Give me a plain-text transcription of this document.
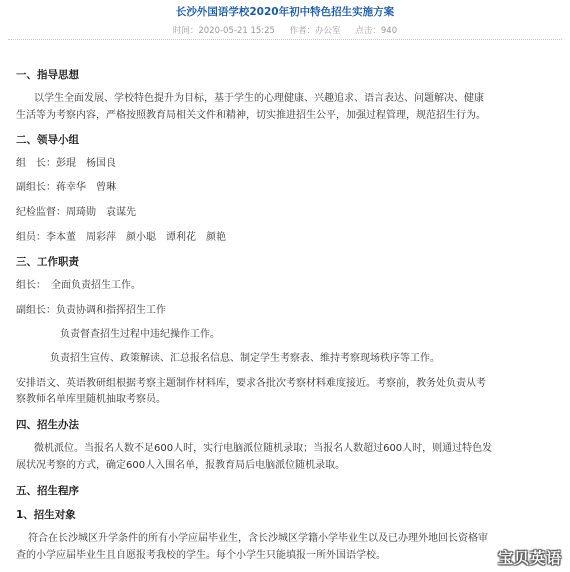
长沙外国语学校2020年初中特色招生实施方案
时间：2020-05-21 15:25 作者：办公室 点击：940
一、指导思想
以学生全面发展、学校特色提升为目标，基于学生的心理健康、兴趣追求、语言表达、问题解决、健康
生活等为考察内容，严格按照教育局相关文件和精神，切实推进招生公平，加强过程管理，规范招生行为。
二、领导小组
组　长：彭琨　杨国良
副组长：蒋幸华　曾琳
纪检监督：周琦勋　袁谋先
组员：李本董　周彩萍　颜小聪　谭利花　颜艳
三、工作职责
组长：　全面负责招生工作。
副组长：负责协调和指挥招生工作
负责督查招生过程中违纪操作工作。
负责招生宣传、政策解读、汇总报名信息、制定学生考察表、维持考察现场秩序等工作。
安排语文、英语教研组根据考察主题制作材料库，要求各批次考察材料难度接近。考察前，教务处负责从考
察教师名单库里随机抽取考察员。
四、招生办法
微机派位。当报名人数不足600人时，实行电脑派位随机录取；当报名人数超过600人时，则通过特色发
展状况考察的方式，确定600人入围名单，报教育局后电脑派位随机录取。
五、招生程序
1、招生对象
符合在长沙城区升学条件的所有小学应届毕业生，含长沙城区学籍小学毕业生以及已办理外地回长资格审
查的小学应届毕业生且自愿报考我校的学生。每个小学生只能填报一所外国语学校。	宝贝英语
